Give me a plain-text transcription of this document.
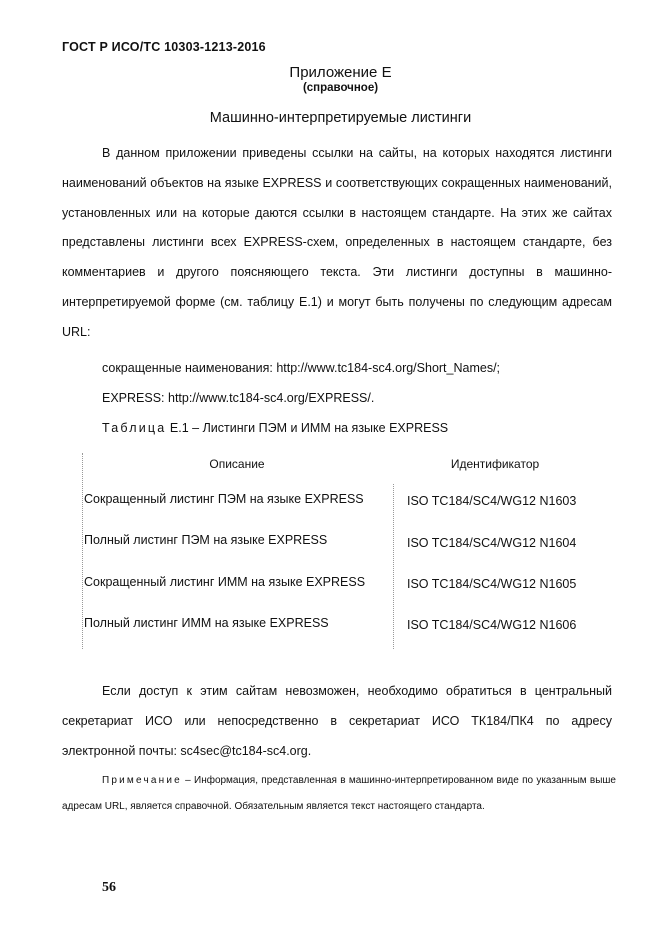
ГОСТ Р ИСО/ТС 10303-1213-2016
Приложение Е
(справочное)
Машинно-интерпретируемые листинги
В данном приложении приведены ссылки на сайты, на которых находятся листинги наименований объектов на языке EXPRESS и соответствующих сокращенных наименований, установленных или на которые даются ссылки в настоящем стандарте. На этих же сайтах представлены листинги всех EXPRESS-схем, определенных в настоящем стандарте, без комментариев и другого поясняющего текста. Эти листинги доступны в машинно-интерпретируемой форме (см. таблицу Е.1) и могут быть получены по следующим адресам URL:
сокращенные наименования: http://www.tc184-sc4.org/Short_Names/;
EXPRESS: http://www.tc184-sc4.org/EXPRESS/.
Таблица Е.1 – Листинги ПЭМ и ИММ на языке EXPRESS
Описание	Идентификатор
Сокращенный листинг ПЭМ на языке EXPRESS	ISO TC184/SC4/WG12 N1603
Полный листинг ПЭМ на языке EXPRESS	ISO TC184/SC4/WG12 N1604
Сокращенный листинг ИММ на языке EXPRESS	ISO TC184/SC4/WG12 N1605
Полный листинг ИММ на языке EXPRESS	ISO TC184/SC4/WG12 N1606
Если доступ к этим сайтам невозможен, необходимо обратиться в центральный секретариат ИСО или непосредственно в секретариат ИСО ТК184/ПК4 по адресу электронной почты: sc4sec@tc184-sc4.org.
Примечание – Информация, представленная в машинно-интерпретированном виде по указанным выше адресам URL, является справочной. Обязательным является текст настоящего стандарта.
56
